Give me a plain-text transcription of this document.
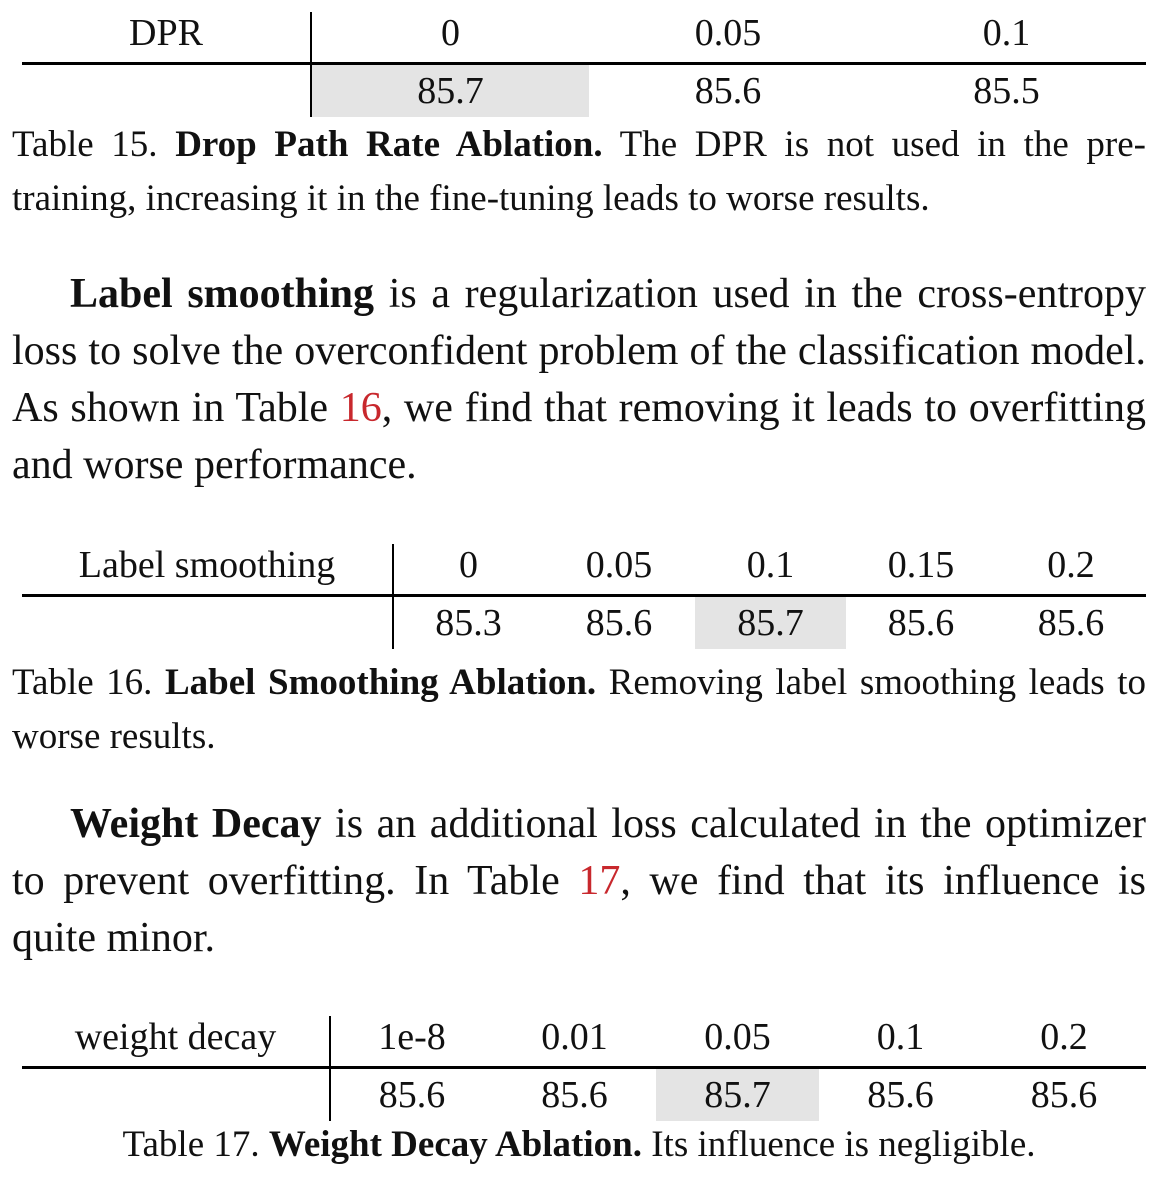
DPR	0	0.05	0.1
	85.7	85.6	85.5

Table 15. Drop Path Rate Ablation. The DPR is not used in the pre-training, increasing it in the fine-tuning leads to worse results.

Label smoothing is a regularization used in the cross-entropy loss to solve the overconfident problem of the classification model. As shown in Table 16, we find that removing it leads to overfitting and worse performance.

Label smoothing	0	0.05	0.1	0.15	0.2
	85.3	85.6	85.7	85.6	85.6

Table 16. Label Smoothing Ablation. Removing label smoothing leads to worse results.

Weight Decay is an additional loss calculated in the optimizer to prevent overfitting. In Table 17, we find that its influence is quite minor.

weight decay	1e-8	0.01	0.05	0.1	0.2
	85.6	85.6	85.7	85.6	85.6

Table 17. Weight Decay Ablation. Its influence is negligible.
